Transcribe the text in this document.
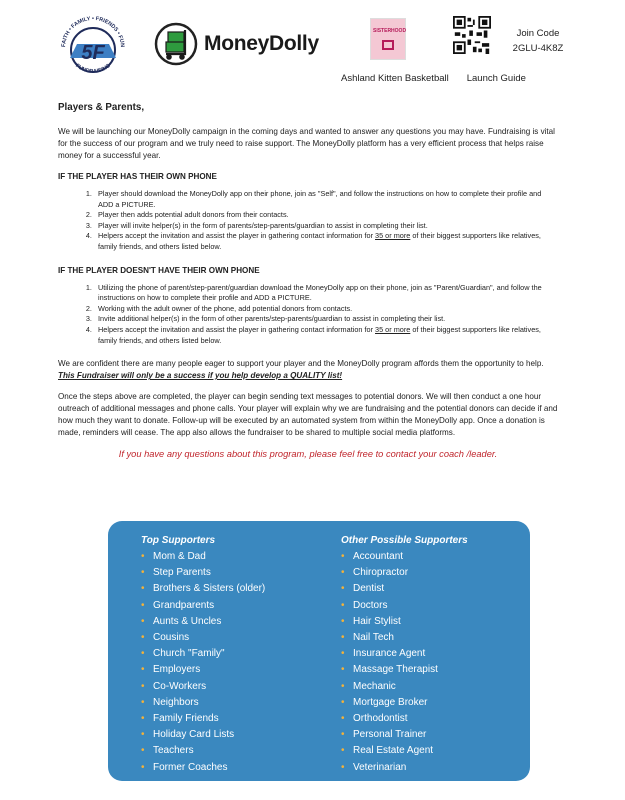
FAITH • FAMILY • FRIENDS • FUN
FUNDRAISING
5F	MoneyDolly
SISTERHOOD	Join Code
2GLU-4K8Z
Ashland Kitten Basketball Launch Guide
Players & Parents,

We will be launching our MoneyDolly campaign in the coming days and wanted to answer any questions you may have. Fundraising is vital for the success of our program and we truly need to raise support. The MoneyDolly platform has a very efficient process that helps raise money for a successful year.

IF THE PLAYER HAS THEIR OWN PHONE
1. Player should download the MoneyDolly app on their phone, join as "Self", and follow the instructions on how to complete their profile and ADD a PICTURE.
2. Player then adds potential adult donors from their contacts.
3. Player will invite helper(s) in the form of parents/step-parents/guardian to assist in completing their list.
4. Helpers accept the invitation and assist the player in gathering contact information for 35 or more of their biggest supporters like relatives, family friends, and others listed below.
IF THE PLAYER DOESN'T HAVE THEIR OWN PHONE
1. Utilizing the phone of parent/step-parent/guardian download the MoneyDolly app on their phone, join as "Parent/Guardian", and follow the instructions on how to complete their profile and ADD a PICTURE.
2. Working with the adult owner of the phone, add potential donors from contacts.
3. Invite additional helper(s) in the form of other parents/step-parents/guardian to assist in completing their list.
4. Helpers accept the invitation and assist the player in gathering contact information for 35 or more of their biggest supporters like relatives, family friends, and others listed below.

We are confident there are many people eager to support your player and the MoneyDolly program affords them the opportunity to help. This Fundraiser will only be a success if you help develop a QUALITY list!

Once the steps above are completed, the player can begin sending text messages to potential donors. We will then conduct a one hour outreach of additional messages and phone calls. Your player will explain why we are fundraising and the potential donors can decide if and how much they want to donate. Follow-up will be executed by an automated system from within the MoneyDolly app. Once a donation is made, reminders will cease. The app also allows the fundraiser to be shared to multiple social media platforms.

If you have any questions about this program, please feel free to contact your coach /leader.
Top Supporters
• Mom & Dad
• Step Parents
• Brothers & Sisters (older)
• Grandparents
• Aunts & Uncles
• Cousins
• Church "Family"
• Employers
• Co-Workers
• Neighbors
• Family Friends
• Holiday Card Lists
• Teachers
• Former Coaches
Other Possible Supporters
• Accountant
• Chiropractor
• Dentist
• Doctors
• Hair Stylist
• Nail Tech
• Insurance Agent
• Massage Therapist
• Mechanic
• Mortgage Broker
• Orthodontist
• Personal Trainer
• Real Estate Agent
• Veterinarian
